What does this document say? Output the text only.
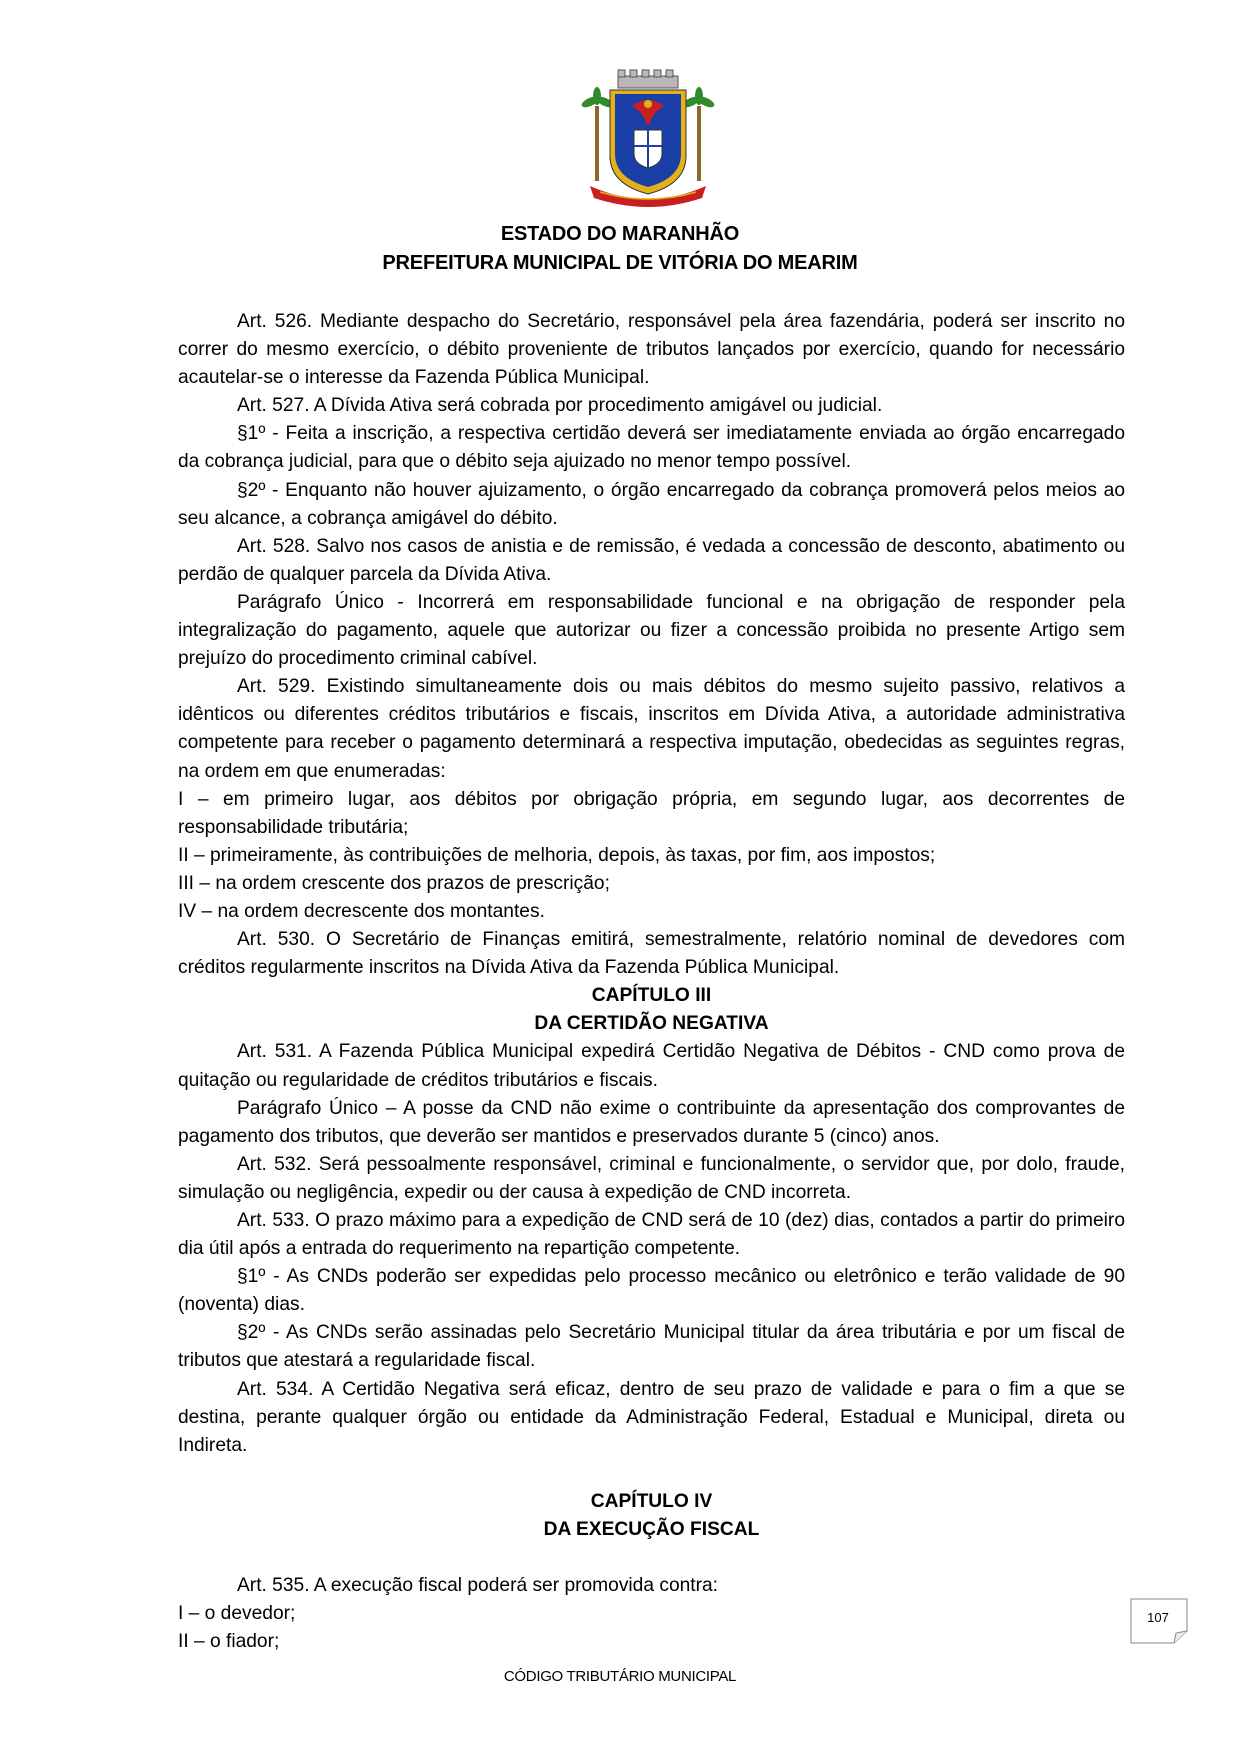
ESTADO DO MARANHÃO
PREFEITURA MUNICIPAL DE VITÓRIA DO MEARIM

Art. 526. Mediante despacho do Secretário, responsável pela área fazendária, poderá ser inscrito no correr do mesmo exercício, o débito proveniente de tributos lançados por exercício, quando for necessário acautelar-se o interesse da Fazenda Pública Municipal.

Art. 527. A Dívida Ativa será cobrada por procedimento amigável ou judicial.

§1º - Feita a inscrição, a respectiva certidão deverá ser imediatamente enviada ao órgão encarregado da cobrança judicial, para que o débito seja ajuizado no menor tempo possível.

§2º - Enquanto não houver ajuizamento, o órgão encarregado da cobrança promoverá pelos meios ao seu alcance, a cobrança amigável do débito.

Art. 528. Salvo nos casos de anistia e de remissão, é vedada a concessão de desconto, abatimento ou perdão de qualquer parcela da Dívida Ativa.

Parágrafo Único - Incorrerá em responsabilidade funcional e na obrigação de responder pela integralização do pagamento, aquele que autorizar ou fizer a concessão proibida no presente Artigo sem prejuízo do procedimento criminal cabível.

Art. 529. Existindo simultaneamente dois ou mais débitos do mesmo sujeito passivo, relativos a idênticos ou diferentes créditos tributários e fiscais, inscritos em Dívida Ativa, a autoridade administrativa competente para receber o pagamento determinará a respectiva imputação, obedecidas as seguintes regras, na ordem em que enumeradas:

I – em primeiro lugar, aos débitos por obrigação própria, em segundo lugar, aos decorrentes de responsabilidade tributária;

II – primeiramente, às contribuições de melhoria, depois, às taxas, por fim, aos impostos;

III – na ordem crescente dos prazos de prescrição;

IV – na ordem decrescente dos montantes.

Art. 530. O Secretário de Finanças emitirá, semestralmente, relatório nominal de devedores com créditos regularmente inscritos na Dívida Ativa da Fazenda Pública Municipal.

CAPÍTULO III

DA CERTIDÃO NEGATIVA

Art. 531. A Fazenda Pública Municipal expedirá Certidão Negativa de Débitos - CND como prova de quitação ou regularidade de créditos tributários e fiscais.

Parágrafo Único – A posse da CND não exime o contribuinte da apresentação dos comprovantes de pagamento dos tributos, que deverão ser mantidos e preservados durante 5 (cinco) anos.

Art. 532. Será pessoalmente responsável, criminal e funcionalmente, o servidor que, por dolo, fraude, simulação ou negligência, expedir ou der causa à expedição de CND incorreta.

Art. 533. O prazo máximo para a expedição de CND será de 10 (dez) dias, contados a partir do primeiro dia útil após a entrada do requerimento na repartição competente.

§1º - As CNDs poderão ser expedidas pelo processo mecânico ou eletrônico e terão validade de 90 (noventa) dias.

§2º - As CNDs serão assinadas pelo Secretário Municipal titular da área tributária e por um fiscal de tributos que atestará a regularidade fiscal.

Art. 534. A Certidão Negativa será eficaz, dentro de seu prazo de validade e para o fim a que se destina, perante qualquer órgão ou entidade da Administração Federal, Estadual e Municipal, direta ou Indireta.

CAPÍTULO IV

DA EXECUÇÃO FISCAL

Art. 535. A execução fiscal poderá ser promovida contra:

I – o devedor;

II – o fiador;

107
CÓDIGO TRIBUTÁRIO MUNICIPAL
